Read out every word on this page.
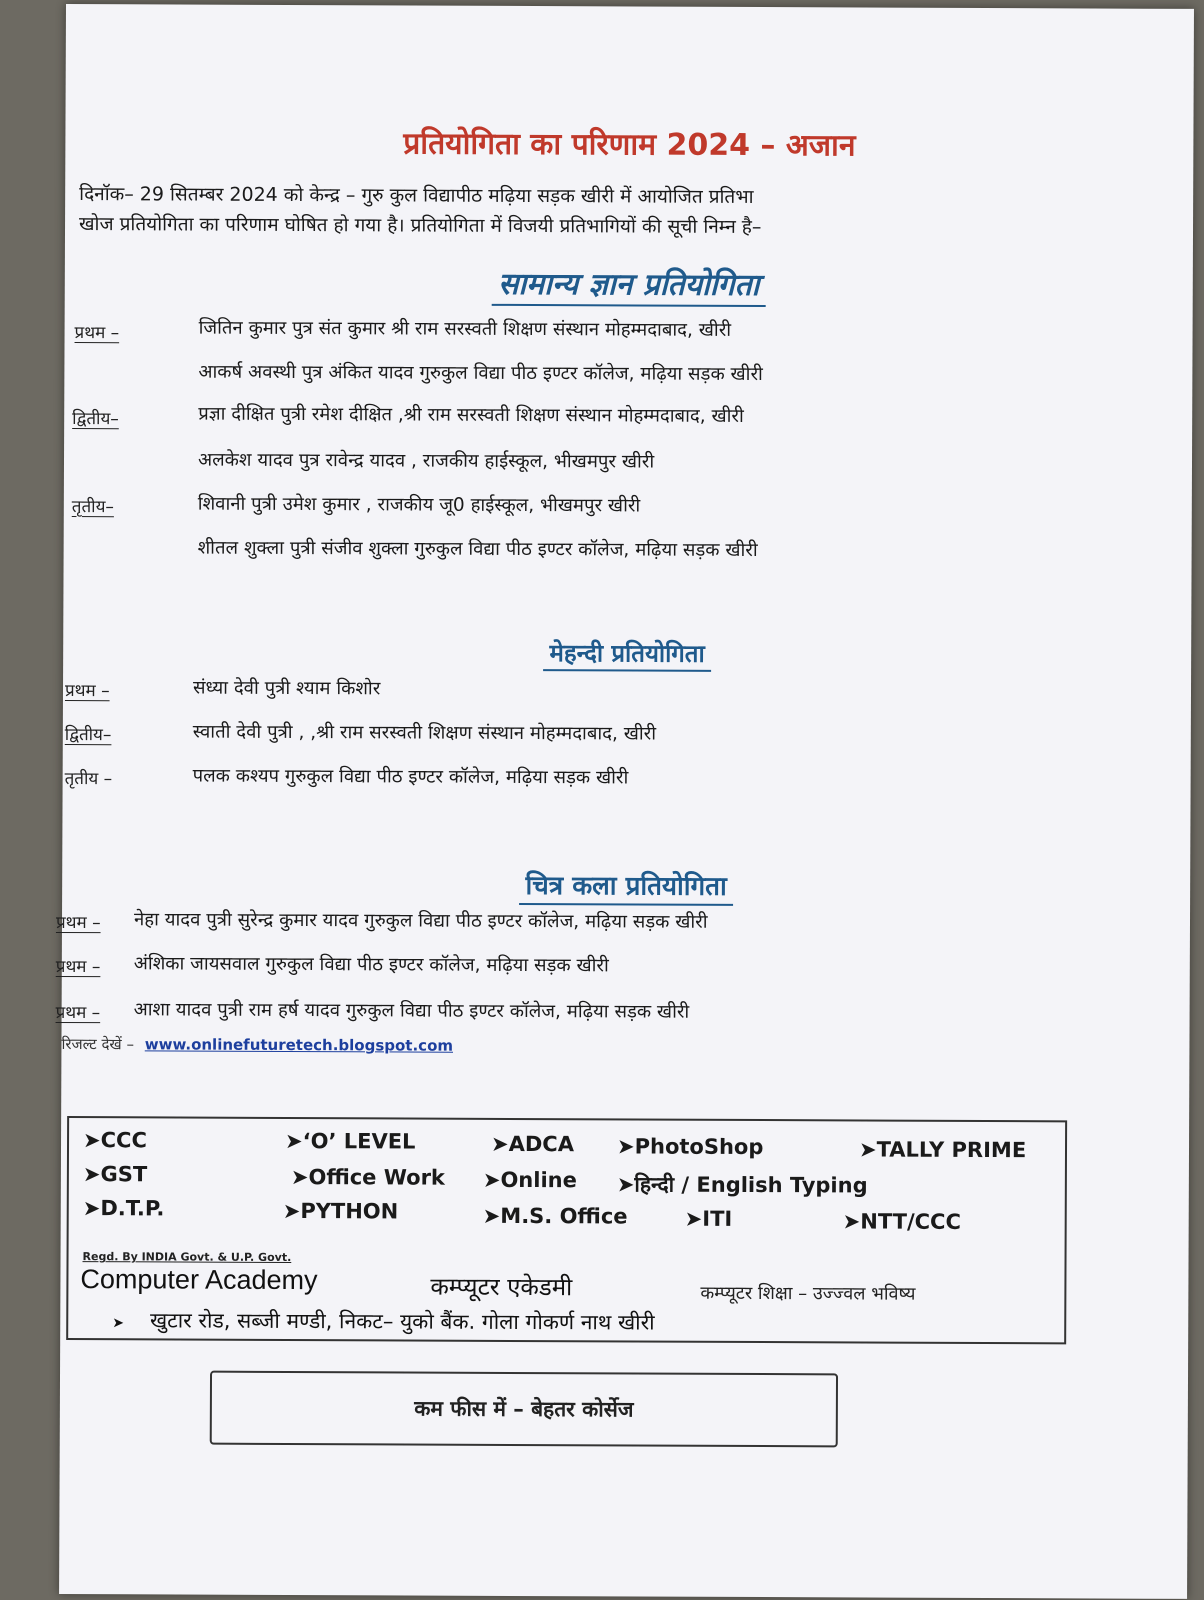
प्रतियोगिता का परिणाम 2024 – अजान
दिनॉक– 29 सितम्बर 2024 को केन्द्र – गुरु कुल विद्यापीठ मढ़िया सड़क खीरी में आयोजित प्रतिभा
खोज प्रतियोगिता का परिणाम घोषित हो गया है। प्रतियोगिता में विजयी प्रतिभागियों की सूची निम्न है–
सामान्य ज्ञान प्रतियोगिता
प्रथम –	जितिन कुमार पुत्र संत कुमार श्री राम सरस्वती शिक्षण संस्थान मोहम्मदाबाद, खीरी
आकर्ष अवस्थी पुत्र अंकित यादव गुरुकुल विद्या पीठ इण्टर कॉलेज, मढ़िया सड़क खीरी
द्वितीय–	प्रज्ञा दीक्षित पुत्री रमेश दीक्षित ,श्री राम सरस्वती शिक्षण संस्थान मोहम्मदाबाद, खीरी
अलकेश यादव पुत्र रावेन्द्र यादव , राजकीय हाईस्कूल, भीखमपुर खीरी
तृतीय–	शिवानी पुत्री उमेश कुमार , राजकीय जू0 हाईस्कूल, भीखमपुर खीरी
शीतल शुक्ला पुत्री संजीव शुक्ला गुरुकुल विद्या पीठ इण्टर कॉलेज, मढ़िया सड़क खीरी
मेहन्दी प्रतियोगिता
प्रथम –	संध्या देवी पुत्री श्याम किशोर
द्वितीय–	स्वाती देवी पुत्री , ,श्री राम सरस्वती शिक्षण संस्थान मोहम्मदाबाद, खीरी
तृतीय –	पलक कश्यप गुरुकुल विद्या पीठ इण्टर कॉलेज, मढ़िया सड़क खीरी
चित्र कला प्रतियोगिता
प्रथम – नेहा यादव पुत्री सुरेन्द्र कुमार यादव गुरुकुल विद्या पीठ इण्टर कॉलेज, मढ़िया सड़क खीरी
प्रथम – अंशिका जायसवाल गुरुकुल विद्या पीठ इण्टर कॉलेज, मढ़िया सड़क खीरी
प्रथम – आशा यादव पुत्री राम हर्ष यादव गुरुकुल विद्या पीठ इण्टर कॉलेज, मढ़िया सड़क खीरी
रिजल्ट देखें – www.onlinefuturetech.blogspot.com
➤CCC	➤‘O’ LEVEL	➤ADCA ➤PhotoShop	➤TALLY PRIME
➤GST	➤Office Work ➤Online ➤हिन्दी / English Typing
➤D.T.P.	➤PYTHON	➤M.S. Office	➤ITI	➤NTT/CCC
Regd. By INDIA Govt. & U.P. Govt.
Computer Academy	कम्प्यूटर एकेडमी	कम्प्यूटर शिक्षा – उज्ज्वल भविष्य
➤ खुटार रोड, सब्जी मण्डी, निकट– युको बैंक. गोला गोकर्ण नाथ खीरी
कम फीस में – बेहतर कोर्सेज
